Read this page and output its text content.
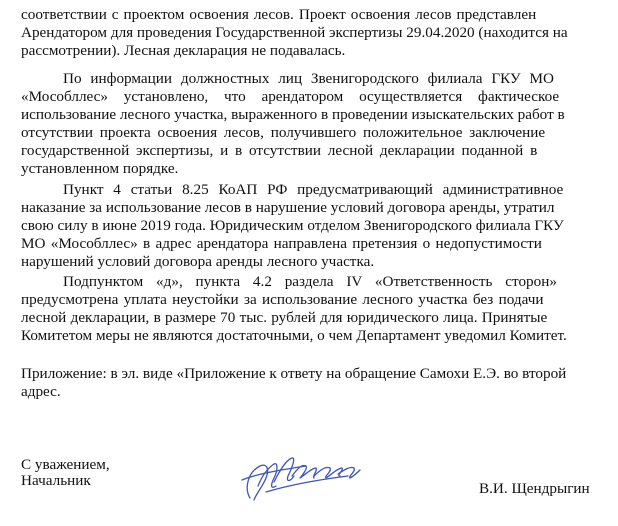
соответствии с проектом освоения лесов. Проект освоения лесов представлен

Арендатором для проведения Государственной экспертизы 29.04.2020 (находится на

рассмотрении). Лесная декларация не подавалась.

По информации должностных лиц Звенигородского филиала ГКУ МО

«Мособллес» установлено, что арендатором осуществляется фактическое

использование лесного участка, выраженного в проведении изыскательских работ в

отсутствии проекта освоения лесов, получившего положительное заключение

государственной экспертизы, и в отсутствии лесной декларации поданной в

установленном порядке.

Пункт 4 статьи 8.25 КоАП РФ предусматривающий административное

наказание за использование лесов в нарушение условий договора аренды, утратил

свою силу в июне 2019 года. Юридическим отделом Звенигородского филиала ГКУ

МО «Мособллес» в адрес арендатора направлена претензия о недопустимости

нарушений условий договора аренды лесного участка.

Подпунктом «д», пункта 4.2 раздела IV «Ответственность сторон»

предусмотрена уплата неустойки за использование лесного участка без подачи

лесной декларации, в размере 70 тыс. рублей для юридического лица. Принятые

Комитетом меры не являются достаточными, о чем Департамент уведомил Комитет.

Приложение: в эл. виде «Приложение к ответу на обращение Самохи Е.Э. во второй

адрес.

С уважением,
Начальник	В.И. Щендрыгин
